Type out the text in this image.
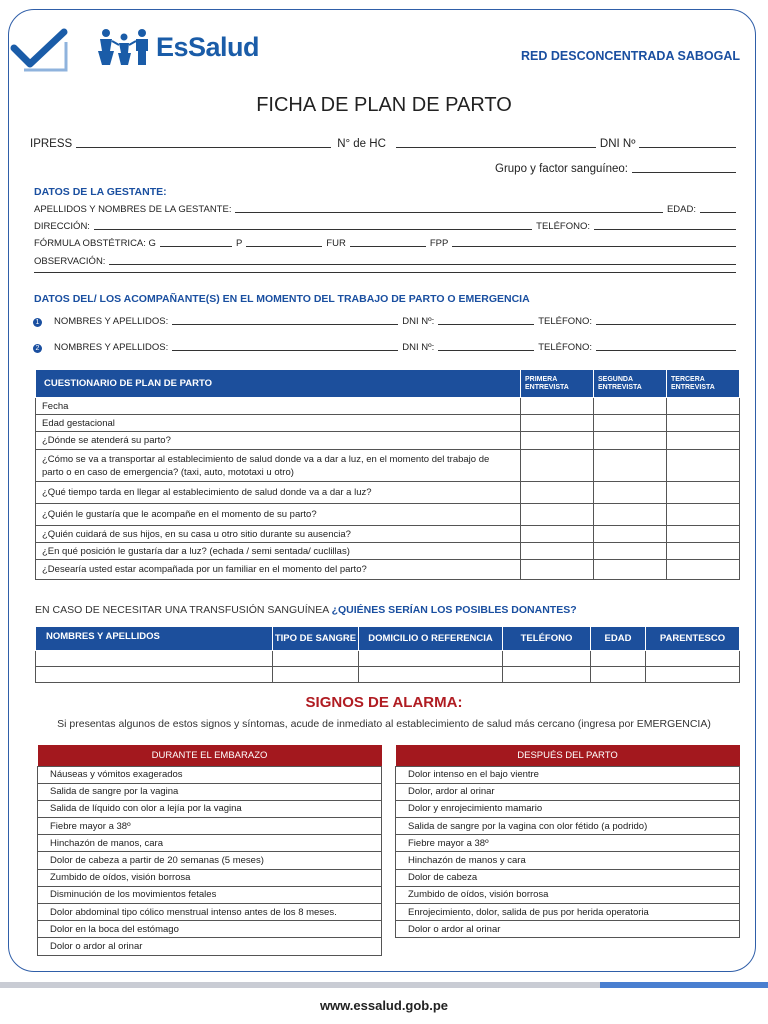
EsSalud	RED DESCONCENTRADA SABOGAL
FICHA DE PLAN DE PARTO
IPRESS	N° de HC	DNI Nº
Grupo y factor sanguíneo:
DATOS DE LA GESTANTE:
APELLIDOS Y NOMBRES DE LA GESTANTE:	EDAD:
DIRECCIÓN:	TELÉFONO:
FÓRMULA OBSTÉTRICA: G	P	FUR	FPP
OBSERVACIÓN:
DATOS DEL/ LOS ACOMPAÑANTE(S) EN EL MOMENTO DEL TRABAJO DE PARTO O EMERGENCIA
1 NOMBRES Y APELLIDOS:	DNI Nº:	TELÉFONO:
2 NOMBRES Y APELLIDOS:	DNI Nº:	TELÉFONO:
CUESTIONARIO DE PLAN DE PARTO	PRIMERA ENTREVISTA	SEGUNDA ENTREVISTA	TERCERA ENTREVISTA
Fecha			
Edad gestacional			
¿Dónde se atenderá su parto?			
¿Cómo se va a transportar al establecimiento de salud donde va a dar a luz, en el momento del trabajo de parto o en caso de emergencia? (taxi, auto, mototaxi u otro)			
¿Qué tiempo tarda en llegar al establecimiento de salud donde va a dar a luz?			
¿Quién le gustaría que le acompañe en el momento de su parto?			
¿Quién cuidará de sus hijos, en su casa u otro sitio durante su ausencia?			
¿En qué posición le gustaría dar a luz? (echada / semi sentada/ cuclillas)			
¿Desearía usted estar acompañada por un familiar en el momento del parto?			
EN CASO DE NECESITAR UNA TRANSFUSIÓN SANGUÍNEA ¿QUIÉNES SERÍAN LOS POSIBLES DONANTES?
NOMBRES Y APELLIDOS	TIPO DE SANGRE	DOMICILIO O REFERENCIA	TELÉFONO	EDAD	PARENTESCO

SIGNOS DE ALARMA:
Si presentas algunos de estos signos y síntomas, acude de inmediato al establecimiento de salud más cercano (ingresa por EMERGENCIA)
DURANTE EL EMBARAZO
Náuseas y vómitos exagerados
Salida de sangre por la vagina
Salida de líquido con olor a lejía por la vagina
Fiebre mayor a 38º
Hinchazón de manos, cara
Dolor de cabeza a partir de 20 semanas (5 meses)
Zumbido de oídos, visión borrosa
Disminución de los movimientos fetales
Dolor abdominal tipo cólico menstrual intenso antes de los 8 meses.
Dolor en la boca del estómago
Dolor o ardor al orinar
DESPUÉS DEL PARTO
Dolor intenso en el bajo vientre
Dolor, ardor al orinar
Dolor y enrojecimiento mamario
Salida de sangre por la vagina con olor fétido (a podrido)
Fiebre mayor a 38º
Hinchazón de manos y cara
Dolor de cabeza
Zumbido de oídos, visión borrosa
Enrojecimiento, dolor, salida de pus por herida operatoria
Dolor o ardor al orinar
www.essalud.gob.pe
